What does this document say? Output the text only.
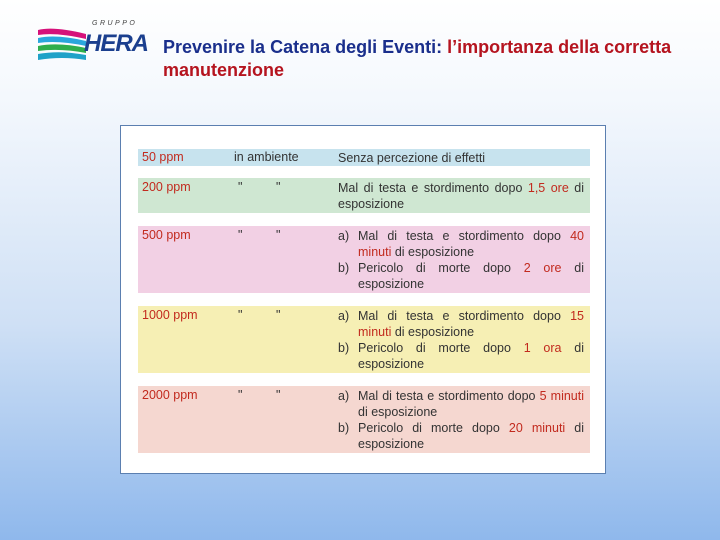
GRUPPO
HERA Prevenire la Catena degli Eventi: l’importanza della corretta manutenzione
50 ppm	in ambiente	Senza percezione di effetti
200 ppm	"	"	Mal di testa e stordimento dopo 1,5 ore di esposizione
500 ppm	"	"	a) Mal di testa e stordimento dopo 40 minuti di esposizione
b) Pericolo di morte dopo 2 ore di esposizione
1000 ppm	"	"	a) Mal di testa e stordimento dopo 15 minuti di esposizione
b) Pericolo di morte dopo 1 ora di esposizione
2000 ppm	"	"	a) Mal di testa e stordimento dopo 5 minuti di esposizione
b) Pericolo di morte dopo 20 minuti di esposizione
